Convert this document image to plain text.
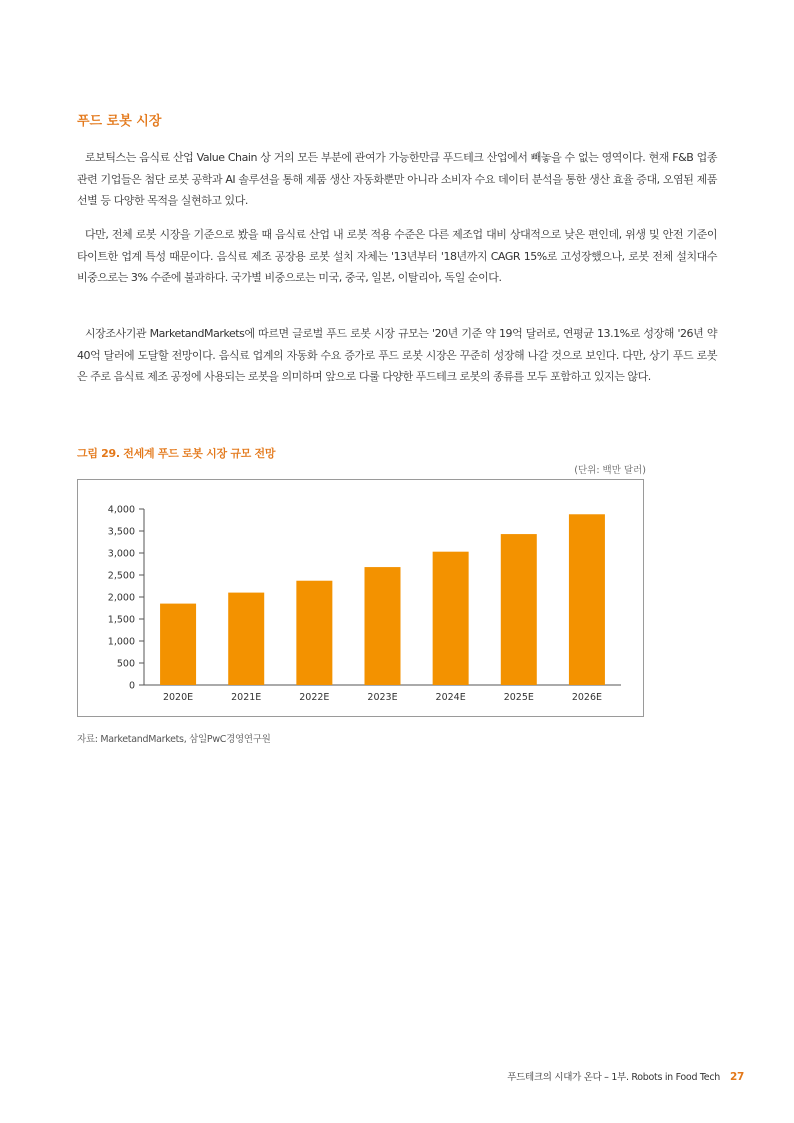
푸드 로봇 시장

로보틱스는 음식료 산업 Value Chain 상 거의 모든 부분에 관여가 가능한만큼 푸드테크 산업에서 빼놓을 수 없는 영역이다. 현재 F&B 업종 관련 기업들은 첨단 로봇 공학과 AI 솔루션을 통해 제품 생산 자동화뿐만 아니라 소비자 수요 데이터 분석을 통한 생산 효율 증대, 오염된 제품 선별 등 다양한 목적을 실현하고 있다.

다만, 전체 로봇 시장을 기준으로 봤을 때 음식료 산업 내 로봇 적용 수준은 다른 제조업 대비 상대적으로 낮은 편인데, 위생 및 안전 기준이 타이트한 업계 특성 때문이다. 음식료 제조 공장용 로봇 설치 자체는 '13년부터 '18년까지 CAGR 15%로 고성장했으나, 로봇 전체 설치대수 비중으로는 3% 수준에 불과하다. 국가별 비중으로는 미국, 중국, 일본, 이탈리아, 독일 순이다.

시장조사기관 MarketandMarkets에 따르면 글로벌 푸드 로봇 시장 규모는 '20년 기준 약 19억 달러로, 연평균 13.1%로 성장해 '26년 약 40억 달러에 도달할 전망이다. 음식료 업계의 자동화 수요 증가로 푸드 로봇 시장은 꾸준히 성장해 나갈 것으로 보인다. 다만, 상기 푸드 로봇은 주로 음식료 제조 공정에 사용되는 로봇을 의미하며 앞으로 다룰 다양한 푸드테크 로봇의 종류를 모두 포함하고 있지는 않다.

그림 29. 전세계 푸드 로봇 시장 규모 전망
(단위: 백만 달러)
0
500
1,000
1,500
2,000
2,500
3,000
3,500
4,000
2020E	2021E	2022E	2023E	2024E	2025E	2026E
자료: MarketandMarkets, 삼일PwC경영연구원
푸드테크의 시대가 온다 – 1부. Robots in Food Tech 27
